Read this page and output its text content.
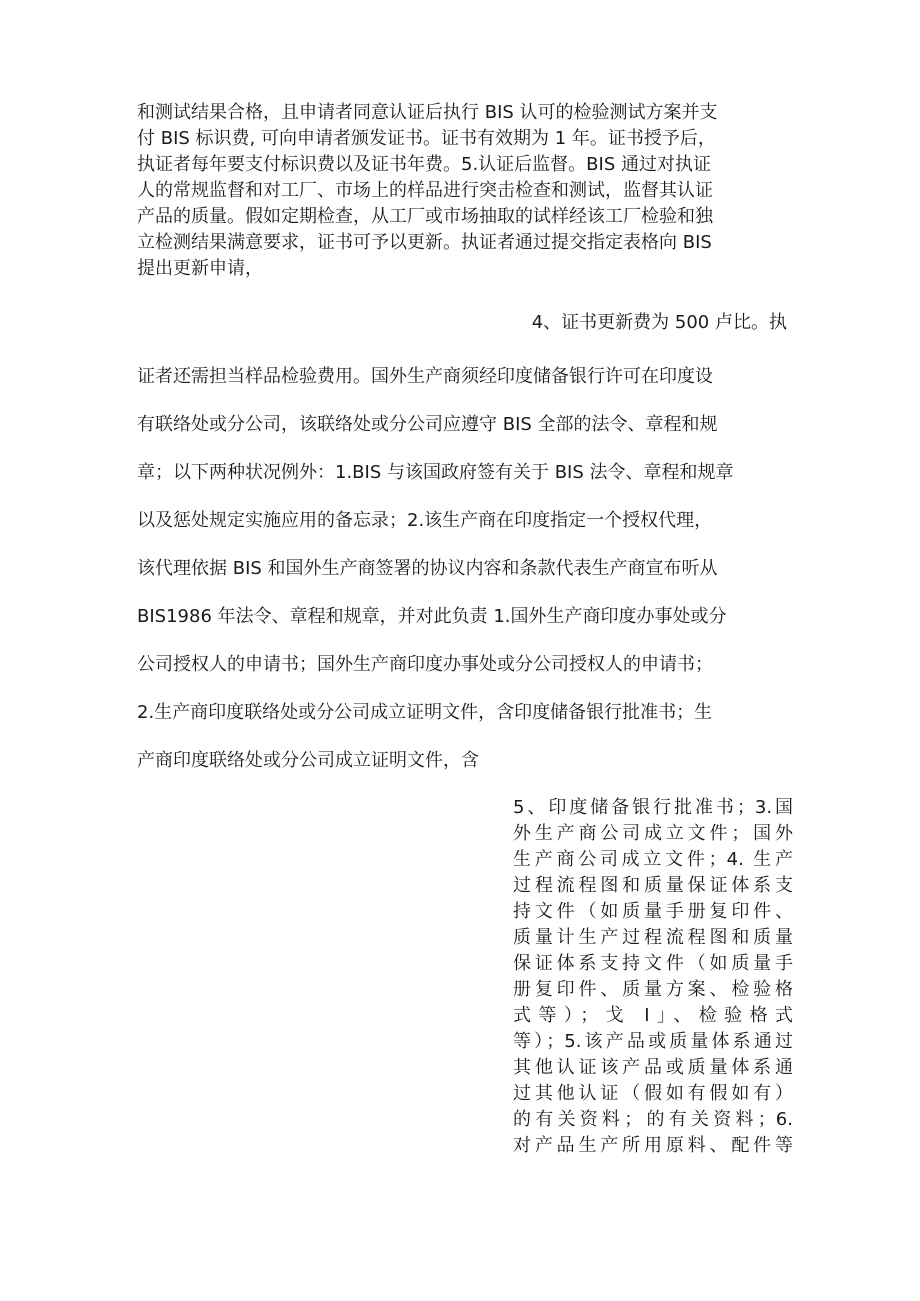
和测试结果合格，且申请者同意认证后执行 BIS 认可的检验测试方案并支
付 BIS 标识费, 可向申请者颁发证书。证书有效期为 1 年。证书授予后，
执证者每年要支付标识费以及证书年费。5.认证后监督。BIS 通过对执证
人的常规监督和对工厂、市场上的样品进行突击检查和测试，监督其认证
产品的质量。假如定期检查，从工厂或市场抽取的试样经该工厂检验和独
立检测结果满意要求，证书可予以更新。执证者通过提交指定表格向 BIS
提出更新申请，
4、证书更新费为 500 卢比。执
证者还需担当样品检验费用。国外生产商须经印度储备银行许可在印度设
有联络处或分公司，该联络处或分公司应遵守 BIS 全部的法令、章程和规
章；以下两种状况例外：1.BIS 与该国政府签有关于 BIS 法令、章程和规章
以及惩处规定实施应用的备忘录；2.该生产商在印度指定一个授权代理，
该代理依据 BIS 和国外生产商签署的协议内容和条款代表生产商宣布听从
BIS1986 年法令、章程和规章，并对此负责 1.国外生产商印度办事处或分
公司授权人的申请书；国外生产商印度办事处或分公司授权人的申请书；
2.生产商印度联络处或分公司成立证明文件，含印度储备银行批准书；生
产商印度联络处或分公司成立证明文件，含
5、印度储备银行批准书；3.国
外生产商公司成立文件；国外
生产商公司成立文件；4. 生产
过程流程图和质量保证体系支
持文件（如质量手册复印件、
质量计生产过程流程图和质量
保证体系支持文件（如质量手
册复印件、质量方案、检验格
式等）；戈 I」、检验格式
等）；5.该产品或质量体系通过
其他认证该产品或质量体系通
过其他认证（假如有假如有）
的有关资料；的有关资料；6.
对产品生产所用原料、配件等
